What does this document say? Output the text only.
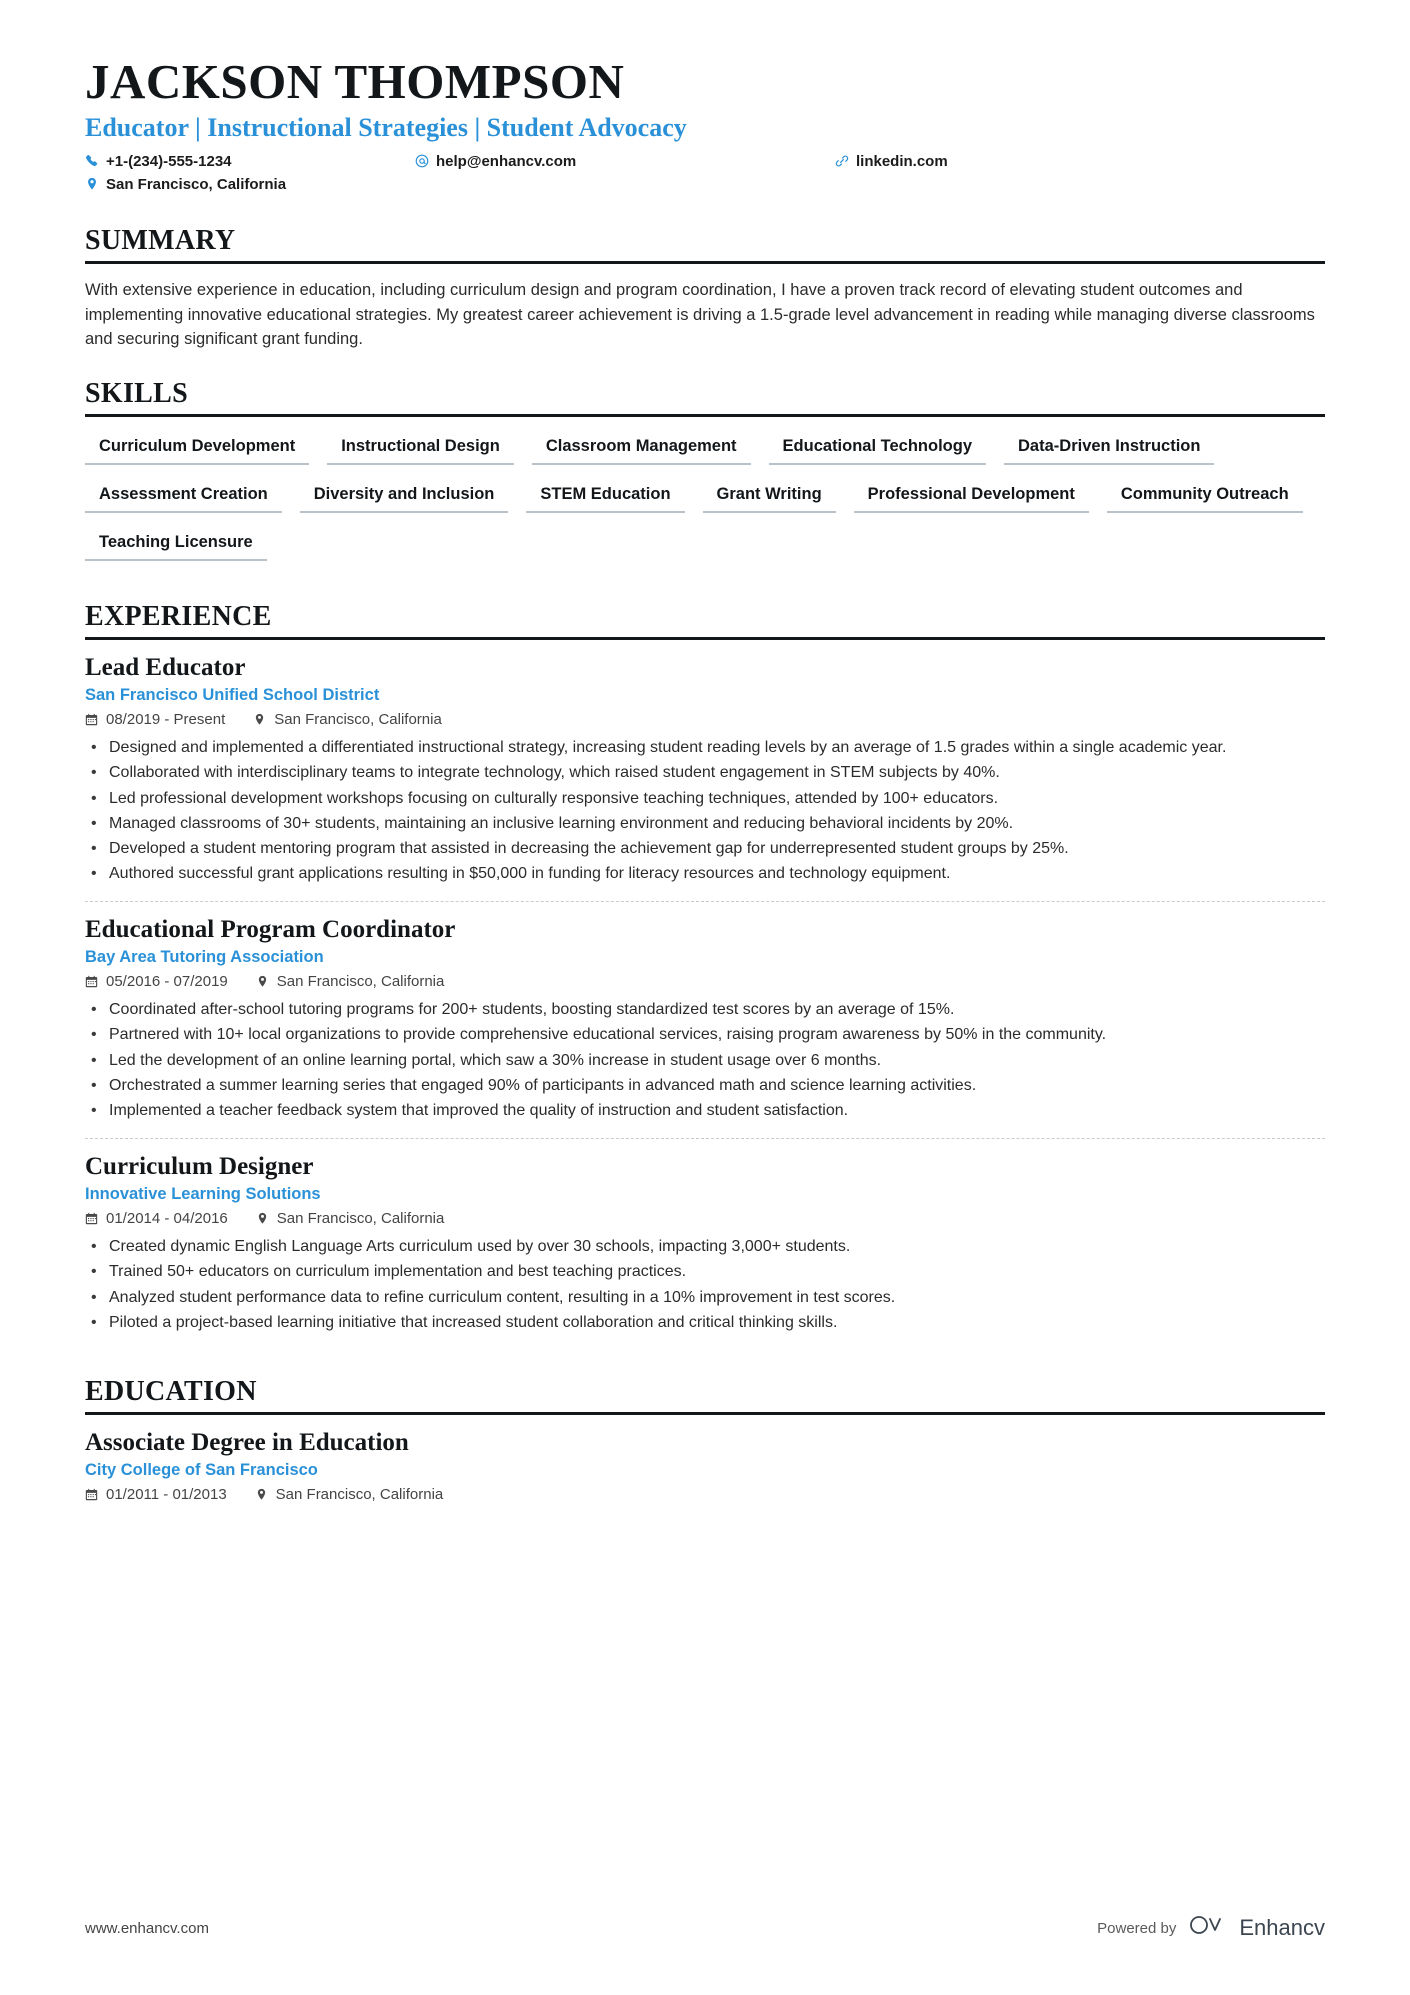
JACKSON THOMPSON
Educator | Instructional Strategies | Student Advocacy
+1-(234)-555-1234	help@enhancv.com	linkedin.com
San Francisco, California
SUMMARY

With extensive experience in education, including curriculum design and program coordination, I have a proven track record of elevating student outcomes and implementing innovative educational strategies. My greatest career achievement is driving a 1.5-grade level advancement in reading while managing diverse classrooms and securing significant grant funding.

SKILLS
Curriculum Development	Instructional Design	Classroom Management	Educational Technology	Data-Driven Instruction
Assessment Creation	Diversity and Inclusion	STEM Education	Grant Writing	Professional Development	Community Outreach
Teaching Licensure
EXPERIENCE
Lead Educator
San Francisco Unified School District
08/2019 - Present	San Francisco, California
• Designed and implemented a differentiated instructional strategy, increasing student reading levels by an average of 1.5 grades within a single academic year.
• Collaborated with interdisciplinary teams to integrate technology, which raised student engagement in STEM subjects by 40%.
• Led professional development workshops focusing on culturally responsive teaching techniques, attended by 100+ educators.
• Managed classrooms of 30+ students, maintaining an inclusive learning environment and reducing behavioral incidents by 20%.
• Developed a student mentoring program that assisted in decreasing the achievement gap for underrepresented student groups by 25%.
• Authored successful grant applications resulting in $50,000 in funding for literacy resources and technology equipment.
Educational Program Coordinator
Bay Area Tutoring Association
05/2016 - 07/2019	San Francisco, California
• Coordinated after-school tutoring programs for 200+ students, boosting standardized test scores by an average of 15%.
• Partnered with 10+ local organizations to provide comprehensive educational services, raising program awareness by 50% in the community.
• Led the development of an online learning portal, which saw a 30% increase in student usage over 6 months.
• Orchestrated a summer learning series that engaged 90% of participants in advanced math and science learning activities.
• Implemented a teacher feedback system that improved the quality of instruction and student satisfaction.
Curriculum Designer
Innovative Learning Solutions
01/2014 - 04/2016	San Francisco, California
• Created dynamic English Language Arts curriculum used by over 30 schools, impacting 3,000+ students.
• Trained 50+ educators on curriculum implementation and best teaching practices.
• Analyzed student performance data to refine curriculum content, resulting in a 10% improvement in test scores.
• Piloted a project-based learning initiative that increased student collaboration and critical thinking skills.
EDUCATION
Associate Degree in Education
City College of San Francisco
01/2011 - 01/2013	San Francisco, California
www.enhancv.com	Powered by	Enhancv
